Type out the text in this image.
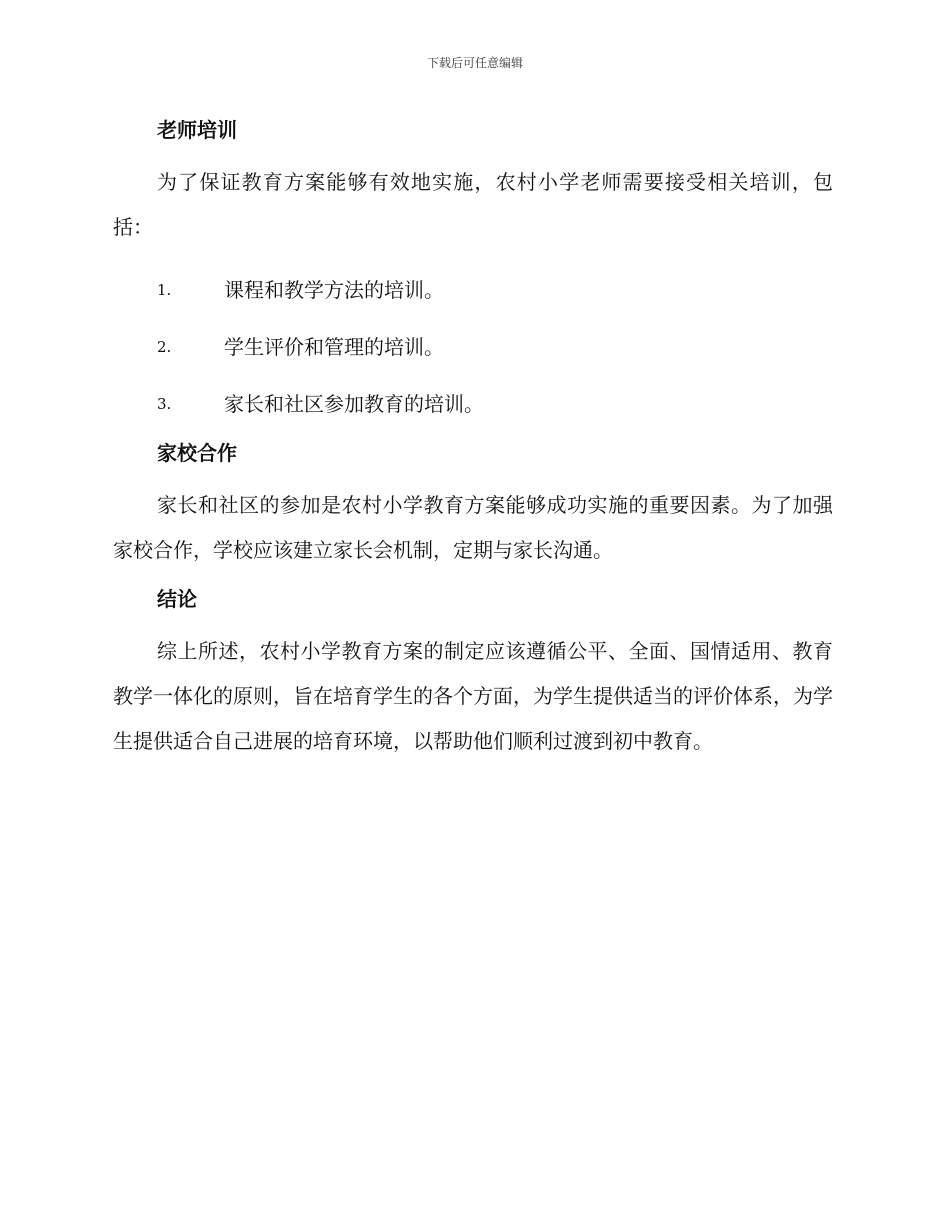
下载后可任意编辑
老师培训

为了保证教育方案能够有效地实施，农村小学老师需要接受相关培训，包括：

1.	课程和教学方法的培训。
2.	学生评价和管理的培训。
3.	家长和社区参加教育的培训。
家校合作

家长和社区的参加是农村小学教育方案能够成功实施的重要因素。为了加强家校合作，学校应该建立家长会机制，定期与家长沟通。

结论

综上所述，农村小学教育方案的制定应该遵循公平、全面、国情适用、教育教学一体化的原则，旨在培育学生的各个方面，为学生提供适当的评价体系，为学生提供适合自己进展的培育环境，以帮助他们顺利过渡到初中教育。
